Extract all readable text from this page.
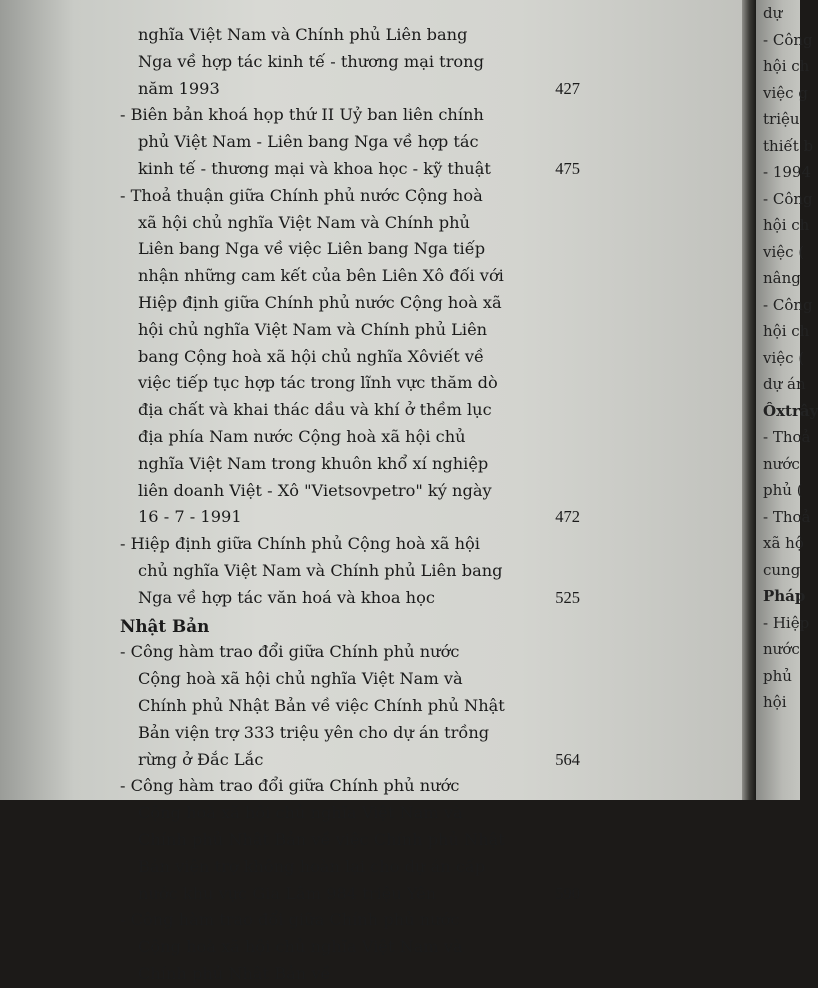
nghĩa Việt Nam và Chính phủ Liên bang Nga về hợp tác kinh tế - thương mại trong năm 1993	427
- Biên bản khoá họp thứ II Uỷ ban liên chính phủ Việt Nam - Liên bang Nga về hợp tác kinh tế - thương mại và khoa học - kỹ thuật	475
- Thoả thuận giữa Chính phủ nước Cộng hoà xã hội chủ nghĩa Việt Nam và Chính phủ Liên bang Nga về việc Liên bang Nga tiếp nhận những cam kết của bên Liên Xô đối với Hiệp định giữa Chính phủ nước Cộng hoà xã hội chủ nghĩa Việt Nam và Chính phủ Liên bang Cộng hoà xã hội chủ nghĩa Xôviết về việc tiếp tục hợp tác trong lĩnh vực thăm dò địa chất và khai thác dầu và khí ở thềm lục địa phía Nam nước Cộng hoà xã hội chủ nghĩa Việt Nam trong khuôn khổ xí nghiệp liên doanh Việt - Xô "Vietsovpetro" ký ngày 16 - 7 - 1991	472
- Hiệp định giữa Chính phủ Cộng hoà xã hội chủ nghĩa Việt Nam và Chính phủ Liên bang Nga về hợp tác văn hoá và khoa học	525
Nhật Bản
- Công hàm trao đổi giữa Chính phủ nước Cộng hoà xã hội chủ nghĩa Việt Nam và Chính phủ Nhật Bản về việc Chính phủ Nhật Bản viện trợ 333 triệu yên cho dự án trồng rừng ở Đắc Lắc	564
- Công hàm trao đổi giữa Chính phủ nước Cộng hoà xã hội chủ nghĩa Việt Nam và Chính phủ Nhật Bản về việc Chính phủ Nhật Bản viện trợ không hoàn lại cho dự án cấp nước khu vực Gia Lâm 984 triệu Yên	590
- Công hàm trao đổi giữa Chính phủ nước Cộng hoà xã hội chủ nghĩa Việt Nam và Chính phủ Nhật Bản về
dự
- Công
hội ch
việc g
triệu
thiết b
- 1994
- Công
hội ch
việc (
nâng
- Công
hội ch
việc (
dự án
Ôxtrây
- Thoả
nước
phủ (
- Thoả
xã hộ
cung
Pháp
- Hiệp
nước
phủ
hội
